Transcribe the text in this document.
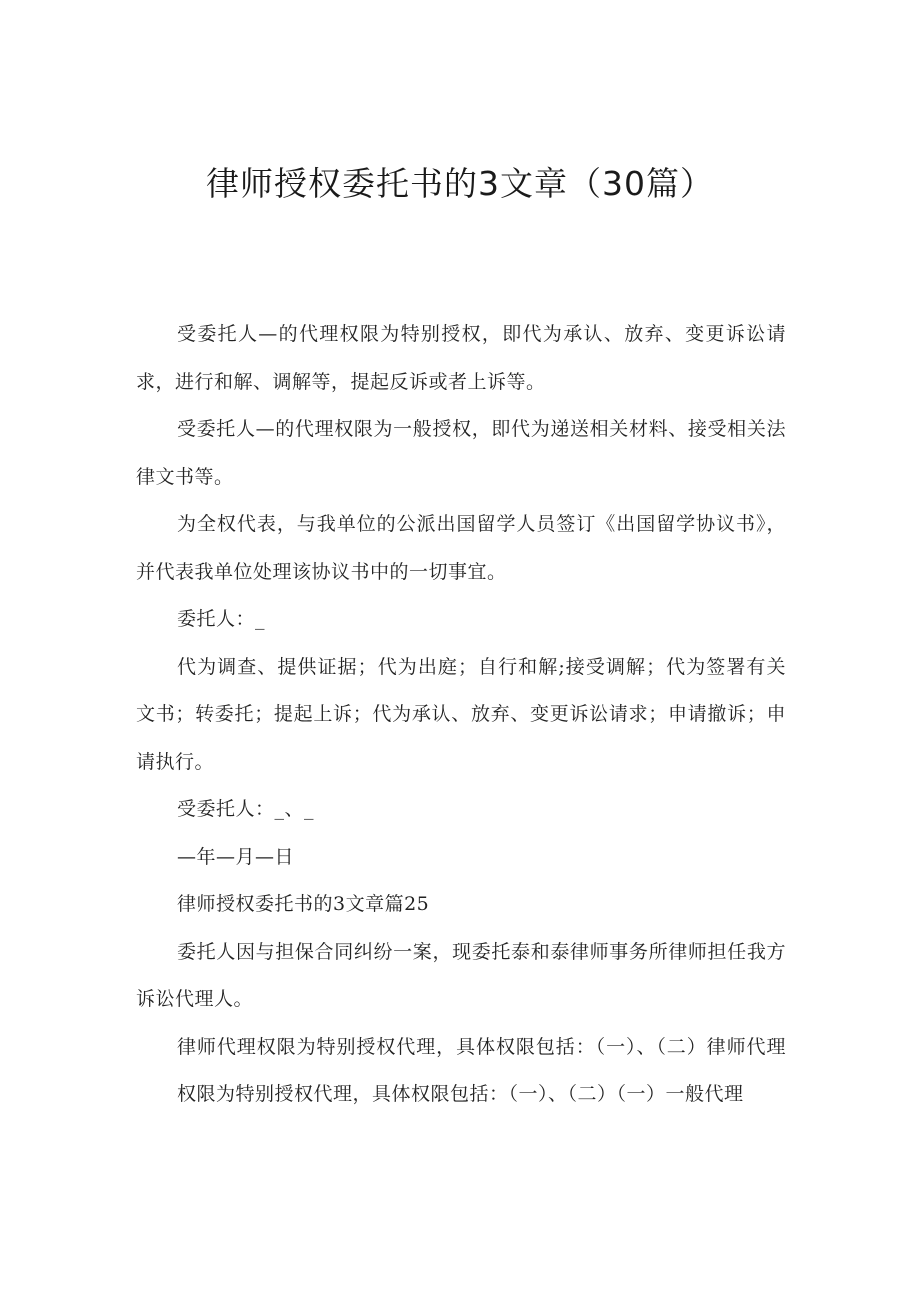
律师授权委托书的3文章（30篇）

受委托人—的代理权限为特别授权，即代为承认、放弃、变更诉讼请求，进行和解、调解等，提起反诉或者上诉等。

受委托人—的代理权限为一般授权，即代为递送相关材料、接受相关法律文书等。

为全权代表，与我单位的公派出国留学人员签订《出国留学协议书》，并代表我单位处理该协议书中的一切事宜。

委托人：_

代为调查、提供证据；代为出庭；自行和解;接受调解；代为签署有关文书；转委托；提起上诉；代为承认、放弃、变更诉讼请求；申请撤诉；申请执行。

受委托人：_、_

—年—月—日

律师授权委托书的3文章篇25

委托人因与担保合同纠纷一案，现委托泰和泰律师事务所律师担任我方诉讼代理人。

律师代理权限为特别授权代理，具体权限包括：（一）、（二）律师代理权限为特别授权代理，具体权限包括：（一）、（二）（一）一般代理
